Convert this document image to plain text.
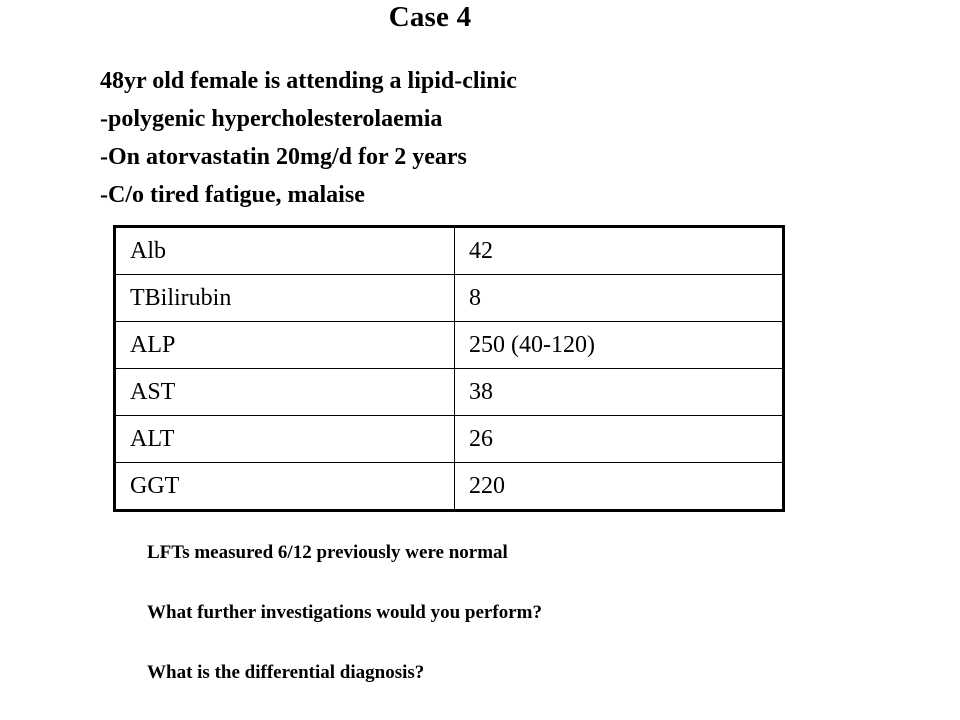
Case 4
48yr old female is attending a lipid-clinic
-polygenic hypercholesterolaemia
-On atorvastatin 20mg/d for 2 years
-C/o tired fatigue, malaise
Alb	42
TBilirubin	8
ALP	250 (40-120)
AST	38
ALT	26
GGT	220
LFTs measured 6/12 previously were normal
What further investigations would you perform?
What is the differential diagnosis?
